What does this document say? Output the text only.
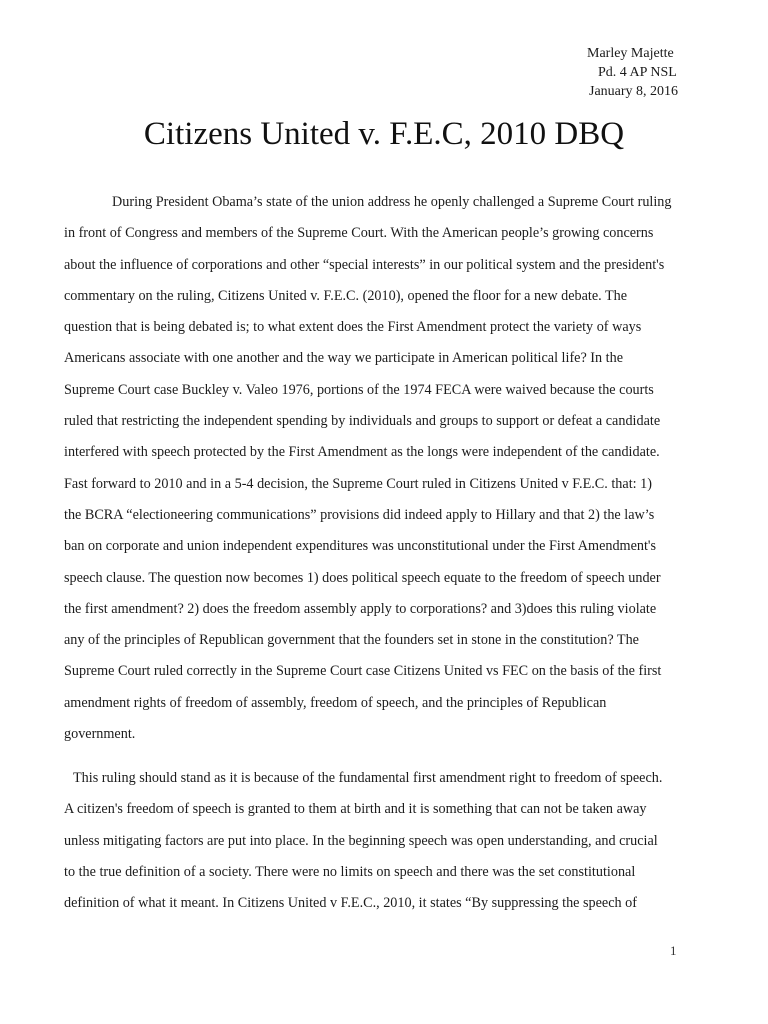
Marley Majette
Pd. 4 AP NSL
January 8, 2016
Citizens United v. F.E.C, 2010 DBQ
During President Obama’s state of the union address he openly challenged a Supreme Court ruling
in front of Congress and members of the Supreme Court. With the American people’s growing concerns
about the influence of corporations and other “special interests” in our political system and the president's
commentary on the ruling, Citizens United v. F.E.C. (2010), opened the floor for a new debate. The
question that is being debated is; to what extent does the First Amendment protect the variety of ways
Americans associate with one another and the way we participate in American political life? In the
Supreme Court case Buckley v. Valeo 1976, portions of the 1974 FECA were waived because the courts
ruled that restricting the independent spending by individuals and groups to support or defeat a candidate
interfered with speech protected by the First Amendment as the longs were independent of the candidate.
Fast forward to 2010 and in a 5-4 decision, the Supreme Court ruled in Citizens United v F.E.C. that: 1)
the BCRA “electioneering communications” provisions did indeed apply to Hillary and that 2) the law’s
ban on corporate and union independent expenditures was unconstitutional under the First Amendment's
speech clause. The question now becomes 1) does political speech equate to the freedom of speech under
the first amendment? 2) does the freedom assembly apply to corporations? and 3)does this ruling violate
any of the principles of Republican government that the founders set in stone in the constitution? The
Supreme Court ruled correctly in the Supreme Court case Citizens United vs FEC on the basis of the first
amendment rights of freedom of assembly, freedom of speech, and the principles of Republican
government.
This ruling should stand as it is because of the fundamental first amendment right to freedom of speech.
A citizen's freedom of speech is granted to them at birth and it is something that can not be taken away
unless mitigating factors are put into place. In the beginning speech was open understanding, and crucial
to the true definition of a society. There were no limits on speech and there was the set constitutional
definition of what it meant. In Citizens United v F.E.C., 2010, it states “By suppressing the speech of
1
